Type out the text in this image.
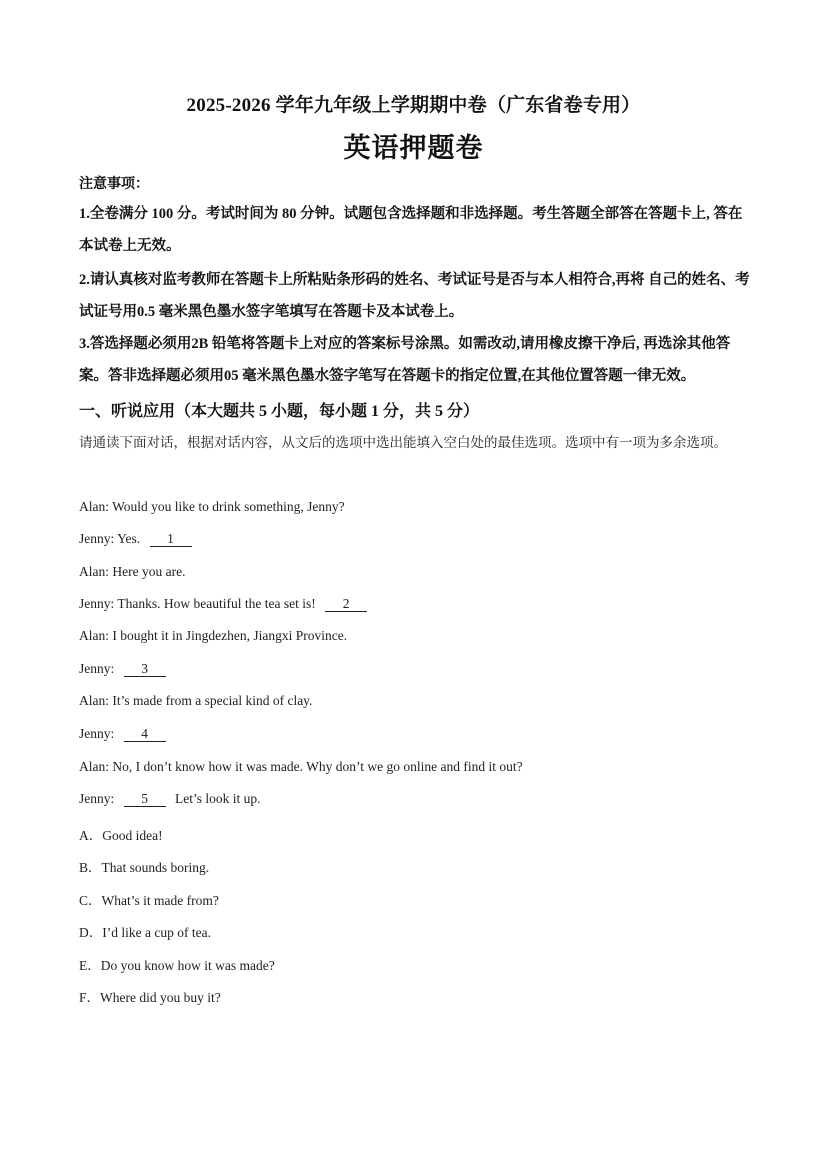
2025-2026 学年九年级上学期期中卷（广东省卷专用）
英语押题卷
注意事项：
1.全卷满分 100 分。考试时间为 80 分钟。试题包含选择题和非选择题。考生答题全部答在答题卡上, 答在本试卷上无效。
2.请认真核对监考教师在答题卡上所粘贴条形码的姓名、考试证号是否与本人相符合,再将 自己的姓名、考试证号用0.5 毫米黑色墨水签字笔填写在答题卡及本试卷上。
3.答选择题必须用2B 铅笔将答题卡上对应的答案标号涂黑。如需改动,请用橡皮擦干净后, 再选涂其他答案。答非选择题必须用05 毫米黑色墨水签字笔写在答题卡的指定位置,在其他位置答题一律无效。
一、听说应用（本大题共 5 小题，每小题 1 分，共 5 分）
请通读下面对话，根据对话内容，从文后的选项中选出能填入空白处的最佳选项。选项中有一项为多余选项。
Alan: Would you like to drink something, Jenny?
Jenny: Yes. 1
Alan: Here you are.
Jenny: Thanks. How beautiful the tea set is! 2
Alan: I bought it in Jingdezhen, Jiangxi Province.
Jenny: 3
Alan: It’s made from a special kind of clay.
Jenny: 4
Alan: No, I don’t know how it was made. Why don’t we go online and find it out?
Jenny: 5 Let’s look it up.
A．Good idea!
B．That sounds boring.
C．What’s it made from?
D．I’d like a cup of tea.
E．Do you know how it was made?
F．Where did you buy it?
